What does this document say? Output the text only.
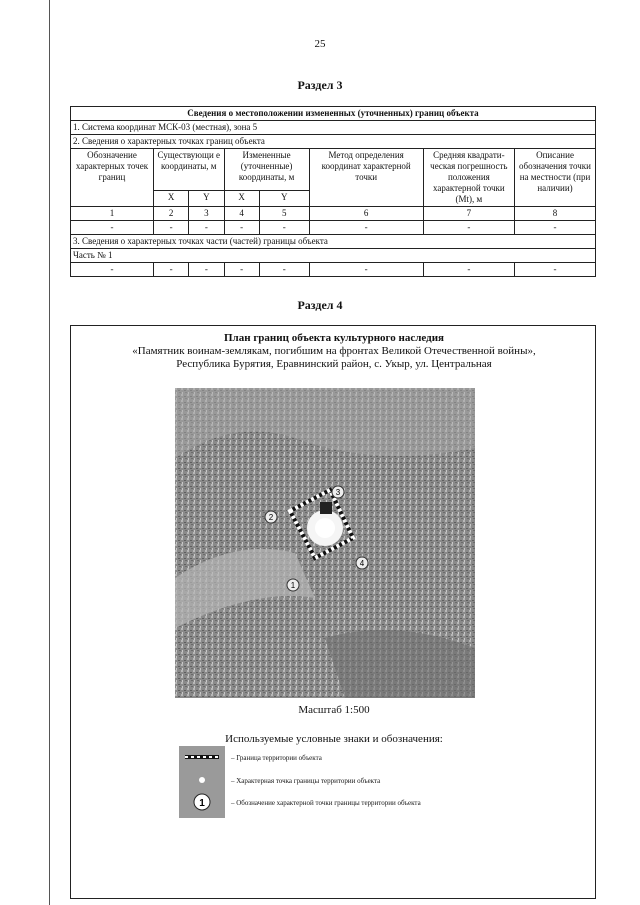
25
Раздел 3
Сведения о местоположении измененных (уточненных) границ объекта							
1. Система координат МСК-03 (местная), зона 5							
2. Сведения о характерных точках границ объекта							
Обозначение характерных точек границ	Существующи е координаты, м		Измененные (уточненные) координаты, м		Метод определения координат характерной точки	Средняя квадрати-ческая погрешность положения характерной точки (Mt), м	Описание обозначения точки на местности (при наличии)
	X	Y	X	Y			
1	2	3	4	5	6	7	8
-	-	-	-	-	-	-	-
3. Сведения о характерных точках части (частей) границы объекта							
Часть № 1							
-	-	-	-	-	-	-	-
Раздел 4
План границ объекта культурного наследия
«Памятник воинам-землякам, погибшим на фронтах Великой Отечественной войны»,
Республика Бурятия, Еравнинский район, с. Укыр, ул. Центральная
1
2
3
4
Масштаб 1:500
Используемые условные знаки и обозначения:
1
– Граница территории объекта
– Характерная точка границы территории объекта
– Обозначение характерной точки границы территории объекта
